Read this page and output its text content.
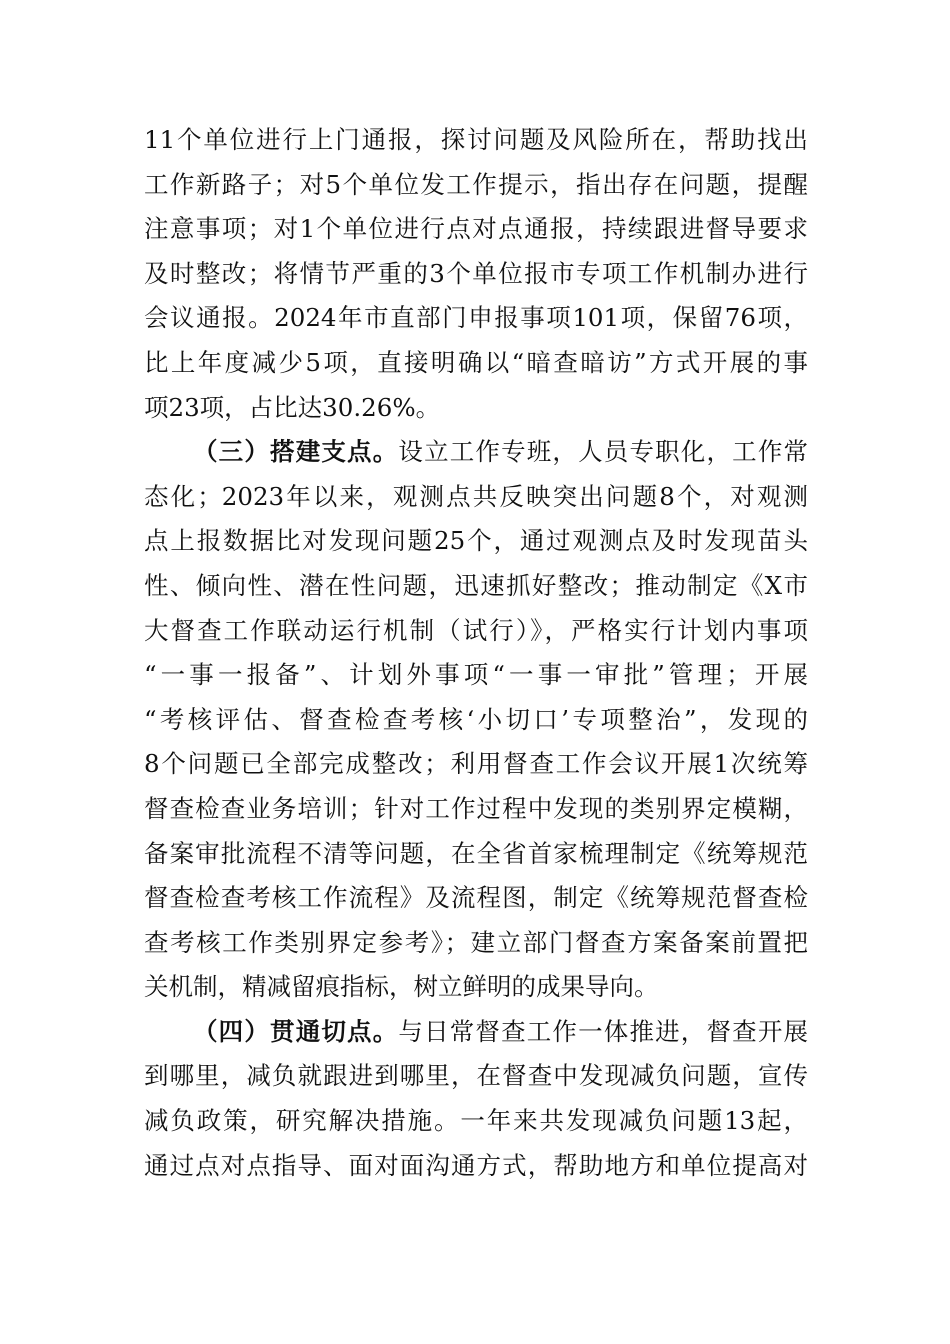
11个单位进行上门通报，探讨问题及风险所在，帮助找出
工作新路子；对5个单位发工作提示，指出存在问题，提醒
注意事项；对1个单位进行点对点通报，持续跟进督导要求
及时整改；将情节严重的3个单位报市专项工作机制办进行
会议通报。2024年市直部门申报事项101项，保留76项，
比上年度减少5项，直接明确以“暗查暗访”方式开展的事
项23项，占比达30.26%。
（三）搭建支点。设立工作专班，人员专职化，工作常
态化；2023年以来，观测点共反映突出问题8个，对观测
点上报数据比对发现问题25个，通过观测点及时发现苗头
性、倾向性、潜在性问题，迅速抓好整改；推动制定《X市
大督查工作联动运行机制（试行）》，严格实行计划内事项
“一事一报备”、计划外事项“一事一审批”管理；开展
“考核评估、督查检查考核‘小切口’专项整治”，发现的
8个问题已全部完成整改；利用督查工作会议开展1次统筹
督查检查业务培训；针对工作过程中发现的类别界定模糊，
备案审批流程不清等问题，在全省首家梳理制定《统筹规范
督查检查考核工作流程》及流程图，制定《统筹规范督查检
查考核工作类别界定参考》；建立部门督查方案备案前置把
关机制，精减留痕指标，树立鲜明的成果导向。
（四）贯通切点。与日常督查工作一体推进，督查开展
到哪里，减负就跟进到哪里，在督查中发现减负问题，宣传
减负政策，研究解决措施。一年来共发现减负问题13起，
通过点对点指导、面对面沟通方式，帮助地方和单位提高对
